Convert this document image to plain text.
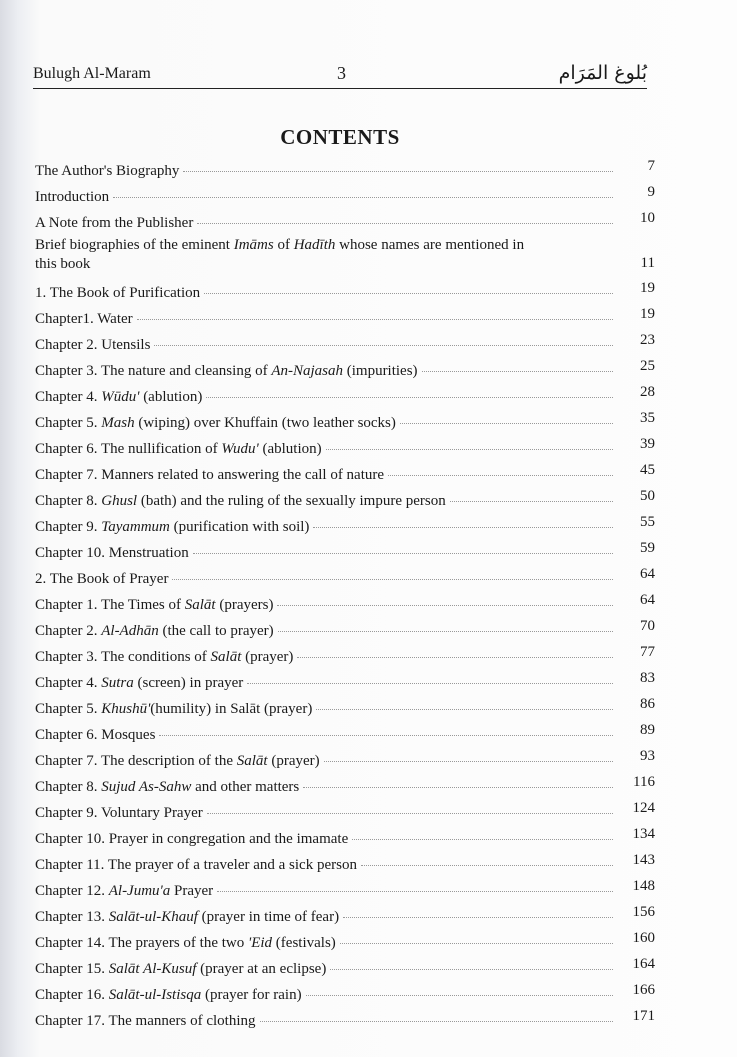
Bulugh Al-Maram	3	بُلوغ المَرَام
CONTENTS
The Author's Biography	7
Introduction	9
A Note from the Publisher	10
Brief biographies of the eminent Imāms of Hadīth whose names are mentioned in
this book	11
1. The Book of Purification	19
Chapter1. Water	19
Chapter 2. Utensils	23
Chapter 3. The nature and cleansing of An-Najasah (impurities)	25
Chapter 4. Wūdu' (ablution)	28
Chapter 5. Mash (wiping) over Khuffain (two leather socks)	35
Chapter 6. The nullification of Wudu' (ablution)	39
Chapter 7. Manners related to answering the call of nature	45
Chapter 8. Ghusl (bath) and the ruling of the sexually impure person	50
Chapter 9. Tayammum (purification with soil)	55
Chapter 10. Menstruation	59
2. The Book of Prayer	64
Chapter 1. The Times of Salāt (prayers)	64
Chapter 2. Al-Adhān (the call to prayer)	70
Chapter 3. The conditions of Salāt (prayer)	77
Chapter 4. Sutra (screen) in prayer	83
Chapter 5. Khushū'(humility) in Salāt (prayer)	86
Chapter 6. Mosques	89
Chapter 7. The description of the Salāt (prayer)	93
Chapter 8. Sujud As-Sahw and other matters	116
Chapter 9. Voluntary Prayer	124
Chapter 10. Prayer in congregation and the imamate	134
Chapter 11. The prayer of a traveler and a sick person	143
Chapter 12. Al-Jumu'a Prayer	148
Chapter 13. Salāt-ul-Khauf (prayer in time of fear)	156
Chapter 14. The prayers of the two 'Eid (festivals)	160
Chapter 15. Salāt Al-Kusuf (prayer at an eclipse)	164
Chapter 16. Salāt-ul-Istisqa (prayer for rain)	166
Chapter 17. The manners of clothing	171
